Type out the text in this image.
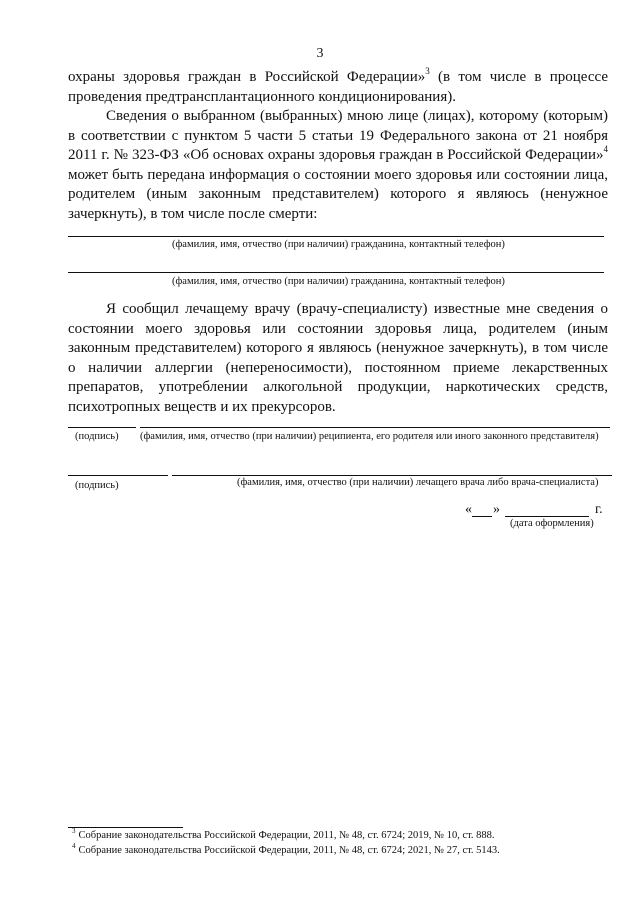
3

охраны здоровья граждан в Российской Федерации»$^3$ (в том числе в процессе проведения предтрансплантационного кондиционирования).

Сведения о выбранном (выбранных) мною лице (лицах), которому (которым) в соответствии с пунктом 5 части 5 статьи 19 Федерального закона от 21 ноября 2011 г. № 323-ФЗ «Об основах охраны здоровья граждан в Российской Федерации»$^4$ может быть передана информация о состоянии моего здоровья или состоянии лица, родителем (иным законным представителем) которого я являюсь (ненужное зачеркнуть), в том числе после смерти:

(фамилия, имя, отчество (при наличии) гражданина, контактный телефон)
(фамилия, имя, отчество (при наличии) гражданина, контактный телефон)

Я сообщил лечащему врачу (врачу-специалисту) известные мне сведения о состоянии моего здоровья или состоянии здоровья лица, родителем (иным законным представителем) которого я являюсь (ненужное зачеркнуть), в том числе о наличии аллергии (непереносимости), постоянном приеме лекарственных препаратов, употреблении алкогольной продукции, наркотических средств, психотропных веществ и их прекурсоров.

(подпись) (фамилия, имя, отчество (при наличии) реципиента, его родителя или иного законного представителя)
(подпись)	(фамилия, имя, отчество (при наличии) лечащего врача либо врача-специалиста)
« »	г.
(дата оформления)
$^3$ Собрание законодательства Российской Федерации, 2011, № 48, ст. 6724; 2019, № 10, ст. 888.
$^4$ Собрание законодательства Российской Федерации, 2011, № 48, ст. 6724; 2021, № 27, ст. 5143.
